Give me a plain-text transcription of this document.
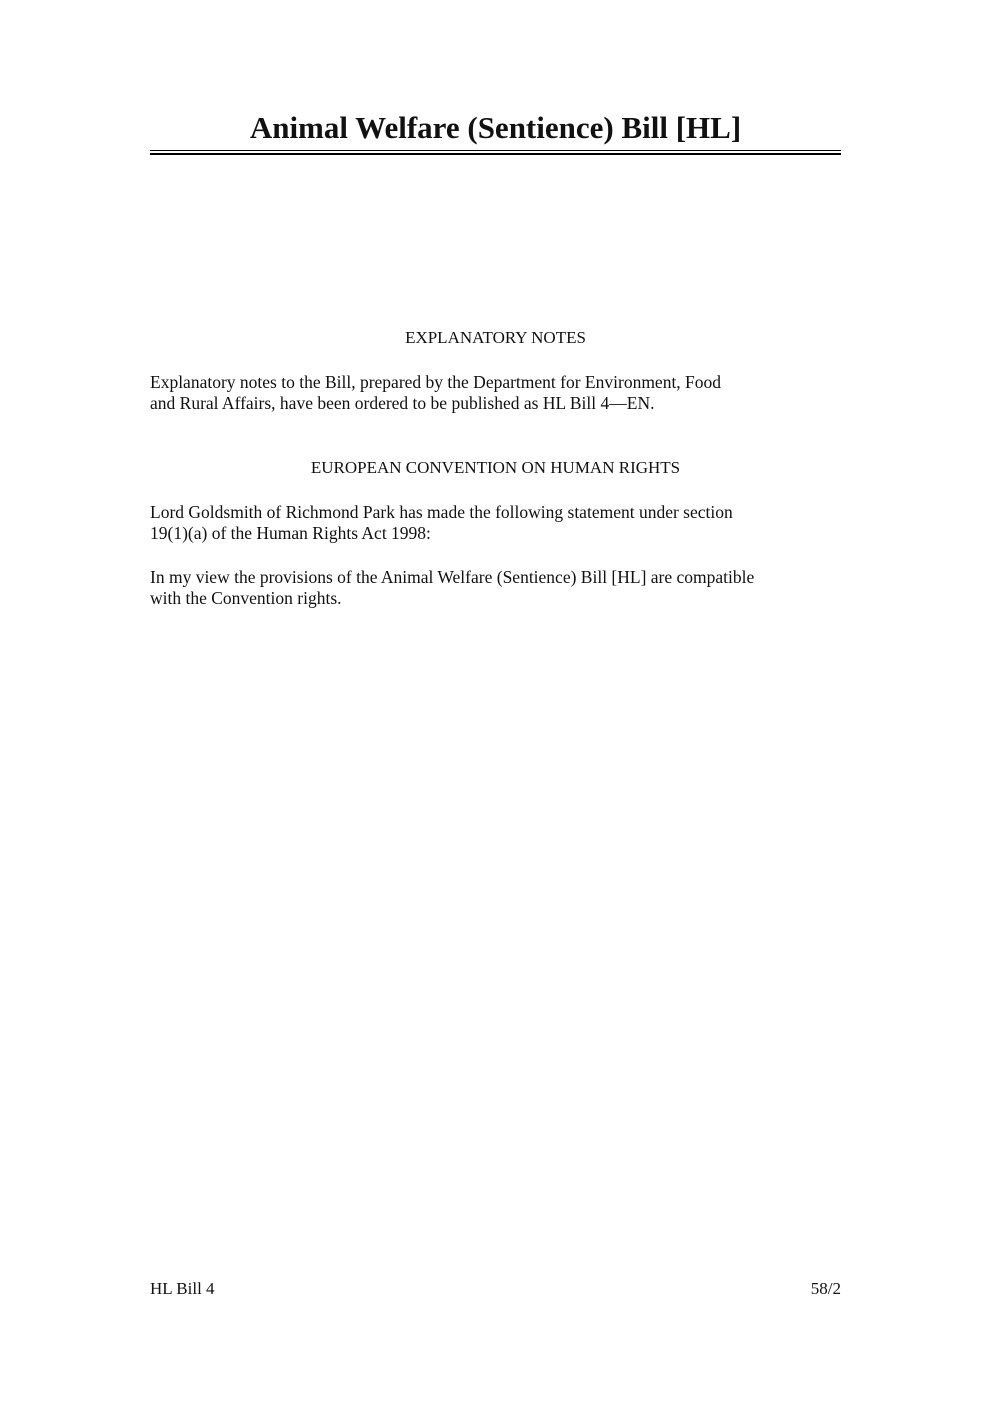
Animal Welfare (Sentience) Bill [HL]
EXPLANATORY NOTES
Explanatory notes to the Bill, prepared by the Department for Environment, Food
and Rural Affairs, have been ordered to be published as HL Bill 4—EN.
EUROPEAN CONVENTION ON HUMAN RIGHTS
Lord Goldsmith of Richmond Park has made the following statement under section
19(1)(a) of the Human Rights Act 1998:
In my view the provisions of the Animal Welfare (Sentience) Bill [HL] are compatible
with the Convention rights.
HL Bill 4	58/2
